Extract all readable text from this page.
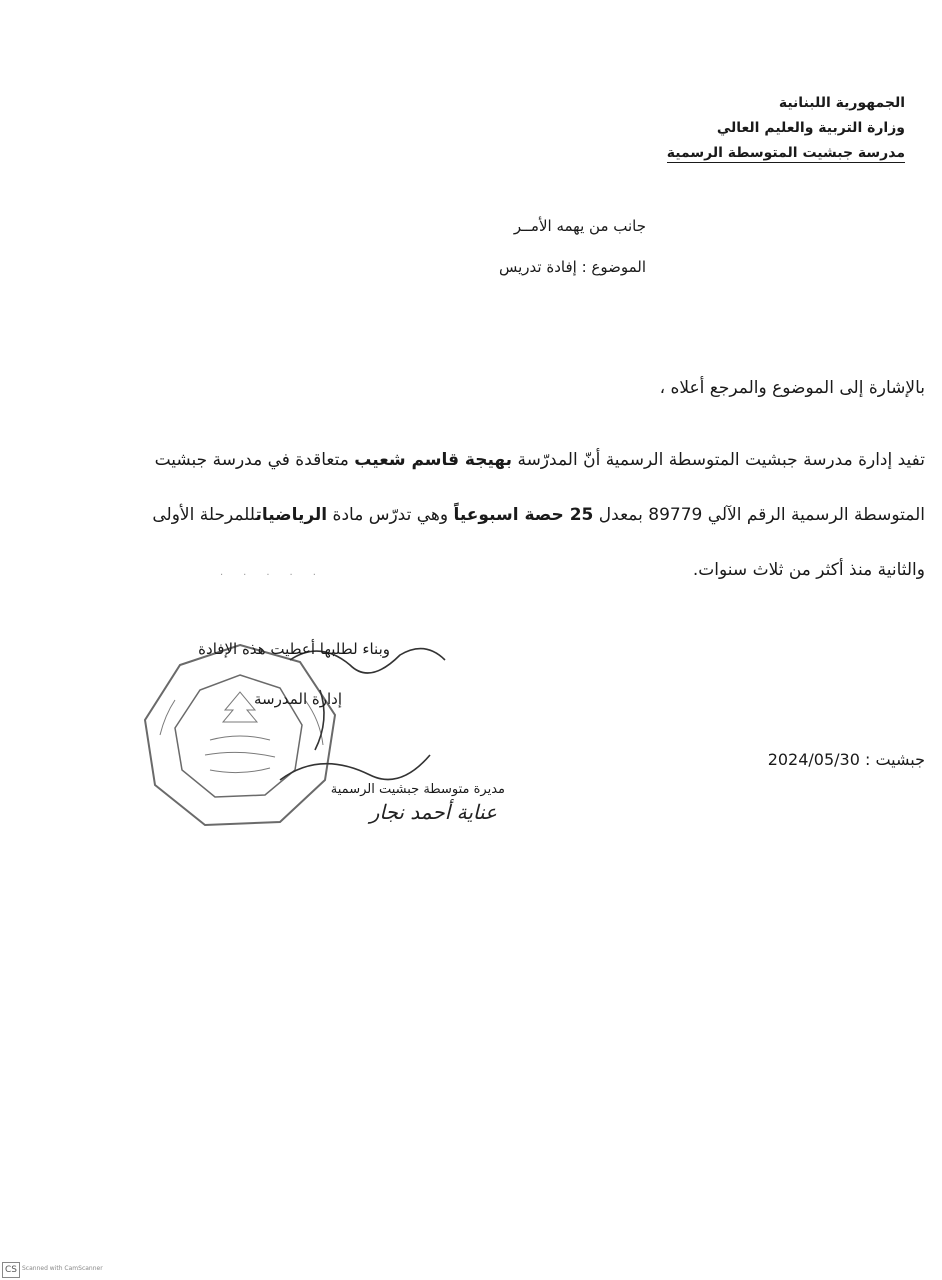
الجمهورية اللبنانية
وزارة التربية والعليم العالي
مدرسة جبشيت المتوسطة الرسمية
جانب من يهمه الأمــر
الموضوع : إفادة تدريس
بالإشارة إلى الموضوع والمرجع أعلاه ،
تفيد إدارة مدرسة جبشيت المتوسطة الرسمية أنّ المدرّسة بهيجة قاسم شعيب متعاقدة في مدرسة جبشيت
المتوسطة الرسمية الرقم الآلي 89779 بمعدل 25 حصة اسبوعياً وهي تدرّس مادة الرياضياتللمرحلة الأولى
والثانية منذ أكثر من ثلاث سنوات.
·····
وبناء لطلبها أعطيت هذه الإفادة
إدارة المدرسة
جبشيت : 2024/05/30
مديرة متوسطة جبشيت الرسمية
عناية أحمد نجار
CS Scanned with CamScanner
